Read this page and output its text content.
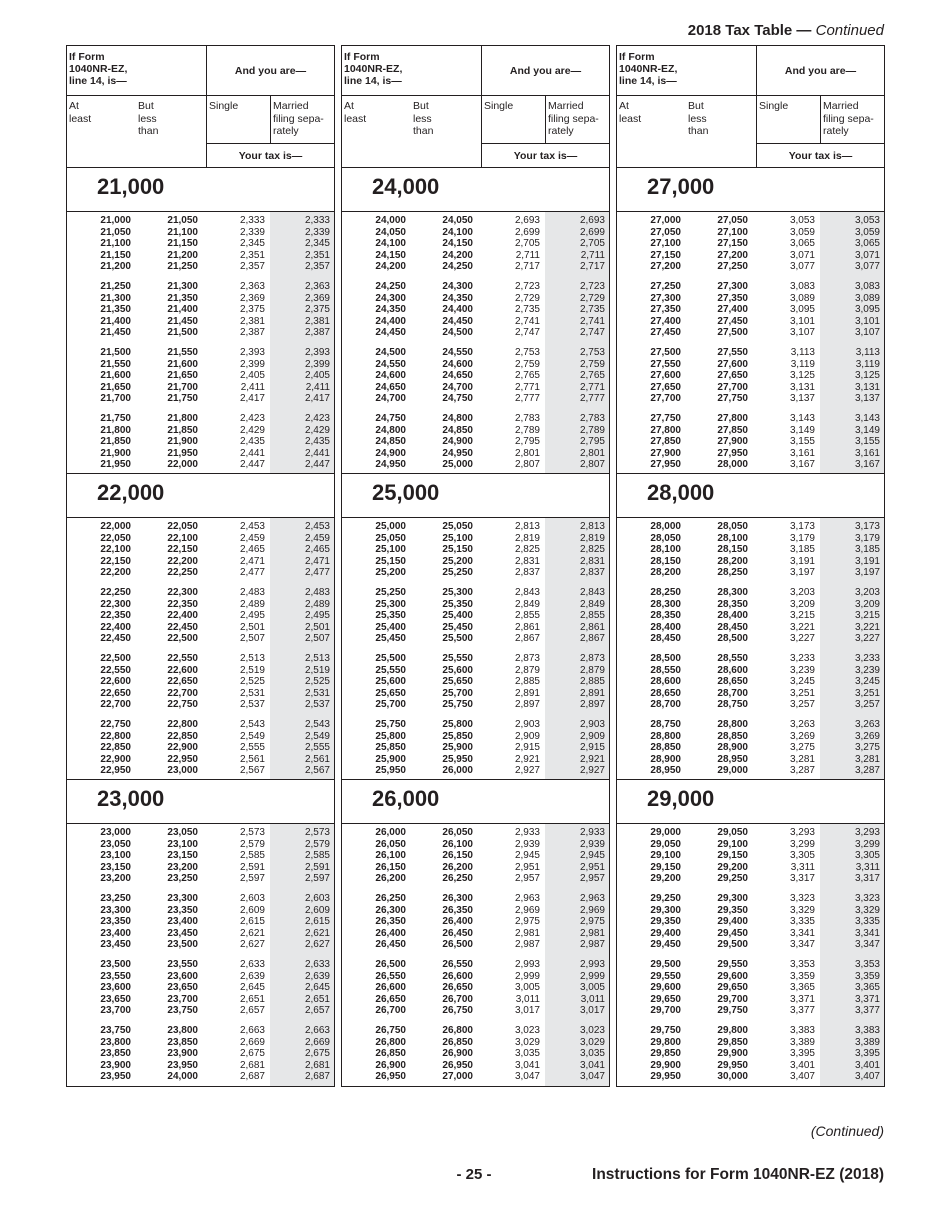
2018 Tax Table — Continued
If Form
1040NR-EZ,
line 14, is—
And you are—
At
least
But
less
than
Single	Married
filing sepa-
rately
Your tax is—
21,000
21,000	21,050	2,333	2,333
21,050	21,100	2,339	2,339
21,100	21,150	2,345	2,345
21,150	21,200	2,351	2,351
21,200	21,250	2,357	2,357
21,250	21,300	2,363	2,363
21,300	21,350	2,369	2,369
21,350	21,400	2,375	2,375
21,400	21,450	2,381	2,381
21,450	21,500	2,387	2,387
21,500	21,550	2,393	2,393
21,550	21,600	2,399	2,399
21,600	21,650	2,405	2,405
21,650	21,700	2,411	2,411
21,700	21,750	2,417	2,417
21,750	21,800	2,423	2,423
21,800	21,850	2,429	2,429
21,850	21,900	2,435	2,435
21,900	21,950	2,441	2,441
21,950	22,000	2,447	2,447
22,000
22,000	22,050	2,453	2,453
22,050	22,100	2,459	2,459
22,100	22,150	2,465	2,465
22,150	22,200	2,471	2,471
22,200	22,250	2,477	2,477
22,250	22,300	2,483	2,483
22,300	22,350	2,489	2,489
22,350	22,400	2,495	2,495
22,400	22,450	2,501	2,501
22,450	22,500	2,507	2,507
22,500	22,550	2,513	2,513
22,550	22,600	2,519	2,519
22,600	22,650	2,525	2,525
22,650	22,700	2,531	2,531
22,700	22,750	2,537	2,537
22,750	22,800	2,543	2,543
22,800	22,850	2,549	2,549
22,850	22,900	2,555	2,555
22,900	22,950	2,561	2,561
22,950	23,000	2,567	2,567
23,000
23,000	23,050	2,573	2,573
23,050	23,100	2,579	2,579
23,100	23,150	2,585	2,585
23,150	23,200	2,591	2,591
23,200	23,250	2,597	2,597
23,250	23,300	2,603	2,603
23,300	23,350	2,609	2,609
23,350	23,400	2,615	2,615
23,400	23,450	2,621	2,621
23,450	23,500	2,627	2,627
23,500	23,550	2,633	2,633
23,550	23,600	2,639	2,639
23,600	23,650	2,645	2,645
23,650	23,700	2,651	2,651
23,700	23,750	2,657	2,657
23,750	23,800	2,663	2,663
23,800	23,850	2,669	2,669
23,850	23,900	2,675	2,675
23,900	23,950	2,681	2,681
23,950	24,000	2,687	2,687
If Form
1040NR-EZ,
line 14, is—
And you are—
At
least
But
less
than
Single	Married
filing sepa-
rately
Your tax is—
24,000
24,000	24,050	2,693	2,693
24,050	24,100	2,699	2,699
24,100	24,150	2,705	2,705
24,150	24,200	2,711	2,711
24,200	24,250	2,717	2,717
24,250	24,300	2,723	2,723
24,300	24,350	2,729	2,729
24,350	24,400	2,735	2,735
24,400	24,450	2,741	2,741
24,450	24,500	2,747	2,747
24,500	24,550	2,753	2,753
24,550	24,600	2,759	2,759
24,600	24,650	2,765	2,765
24,650	24,700	2,771	2,771
24,700	24,750	2,777	2,777
24,750	24,800	2,783	2,783
24,800	24,850	2,789	2,789
24,850	24,900	2,795	2,795
24,900	24,950	2,801	2,801
24,950	25,000	2,807	2,807
25,000
25,000	25,050	2,813	2,813
25,050	25,100	2,819	2,819
25,100	25,150	2,825	2,825
25,150	25,200	2,831	2,831
25,200	25,250	2,837	2,837
25,250	25,300	2,843	2,843
25,300	25,350	2,849	2,849
25,350	25,400	2,855	2,855
25,400	25,450	2,861	2,861
25,450	25,500	2,867	2,867
25,500	25,550	2,873	2,873
25,550	25,600	2,879	2,879
25,600	25,650	2,885	2,885
25,650	25,700	2,891	2,891
25,700	25,750	2,897	2,897
25,750	25,800	2,903	2,903
25,800	25,850	2,909	2,909
25,850	25,900	2,915	2,915
25,900	25,950	2,921	2,921
25,950	26,000	2,927	2,927
26,000
26,000	26,050	2,933	2,933
26,050	26,100	2,939	2,939
26,100	26,150	2,945	2,945
26,150	26,200	2,951	2,951
26,200	26,250	2,957	2,957
26,250	26,300	2,963	2,963
26,300	26,350	2,969	2,969
26,350	26,400	2,975	2,975
26,400	26,450	2,981	2,981
26,450	26,500	2,987	2,987
26,500	26,550	2,993	2,993
26,550	26,600	2,999	2,999
26,600	26,650	3,005	3,005
26,650	26,700	3,011	3,011
26,700	26,750	3,017	3,017
26,750	26,800	3,023	3,023
26,800	26,850	3,029	3,029
26,850	26,900	3,035	3,035
26,900	26,950	3,041	3,041
26,950	27,000	3,047	3,047
If Form
1040NR-EZ,
line 14, is—
And you are—
At
least
But
less
than
Single	Married
filing sepa-
rately
Your tax is—
27,000
27,000	27,050	3,053	3,053
27,050	27,100	3,059	3,059
27,100	27,150	3,065	3,065
27,150	27,200	3,071	3,071
27,200	27,250	3,077	3,077
27,250	27,300	3,083	3,083
27,300	27,350	3,089	3,089
27,350	27,400	3,095	3,095
27,400	27,450	3,101	3,101
27,450	27,500	3,107	3,107
27,500	27,550	3,113	3,113
27,550	27,600	3,119	3,119
27,600	27,650	3,125	3,125
27,650	27,700	3,131	3,131
27,700	27,750	3,137	3,137
27,750	27,800	3,143	3,143
27,800	27,850	3,149	3,149
27,850	27,900	3,155	3,155
27,900	27,950	3,161	3,161
27,950	28,000	3,167	3,167
28,000
28,000	28,050	3,173	3,173
28,050	28,100	3,179	3,179
28,100	28,150	3,185	3,185
28,150	28,200	3,191	3,191
28,200	28,250	3,197	3,197
28,250	28,300	3,203	3,203
28,300	28,350	3,209	3,209
28,350	28,400	3,215	3,215
28,400	28,450	3,221	3,221
28,450	28,500	3,227	3,227
28,500	28,550	3,233	3,233
28,550	28,600	3,239	3,239
28,600	28,650	3,245	3,245
28,650	28,700	3,251	3,251
28,700	28,750	3,257	3,257
28,750	28,800	3,263	3,263
28,800	28,850	3,269	3,269
28,850	28,900	3,275	3,275
28,900	28,950	3,281	3,281
28,950	29,000	3,287	3,287
29,000
29,000	29,050	3,293	3,293
29,050	29,100	3,299	3,299
29,100	29,150	3,305	3,305
29,150	29,200	3,311	3,311
29,200	29,250	3,317	3,317
29,250	29,300	3,323	3,323
29,300	29,350	3,329	3,329
29,350	29,400	3,335	3,335
29,400	29,450	3,341	3,341
29,450	29,500	3,347	3,347
29,500	29,550	3,353	3,353
29,550	29,600	3,359	3,359
29,600	29,650	3,365	3,365
29,650	29,700	3,371	3,371
29,700	29,750	3,377	3,377
29,750	29,800	3,383	3,383
29,800	29,850	3,389	3,389
29,850	29,900	3,395	3,395
29,900	29,950	3,401	3,401
29,950	30,000	3,407	3,407
(Continued)
- 25 -	Instructions for Form 1040NR-EZ (2018)
